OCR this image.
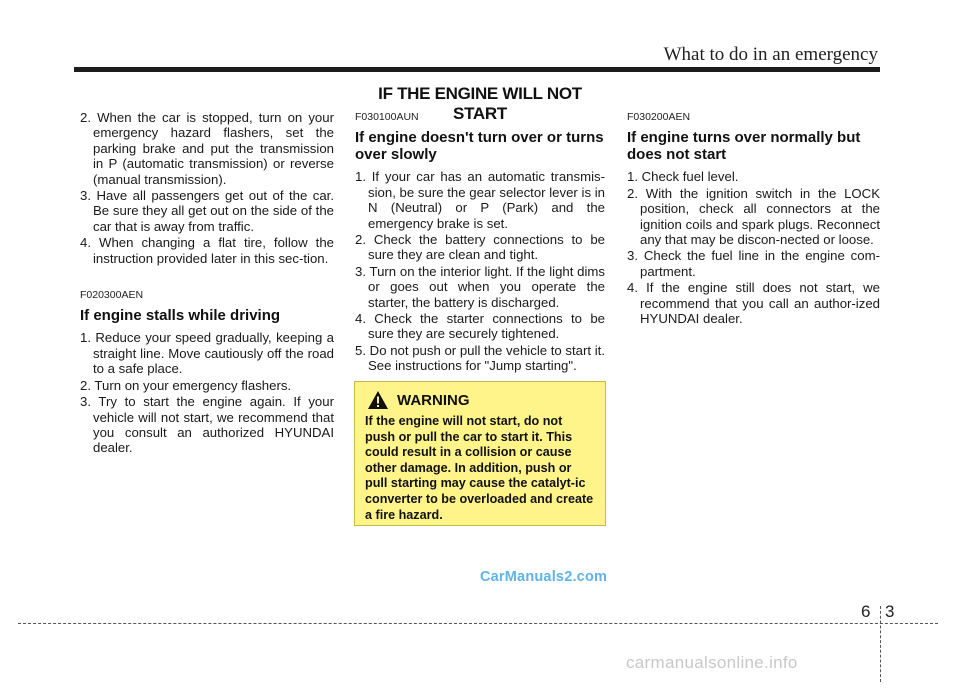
What to do in an emergency
IF THE ENGINE WILL NOT START
2. When the car is stopped, turn on your emergency hazard flashers, set the parking brake and put the transmission in P (automatic transmission) or reverse (manual transmission).
3. Have all passengers get out of the car. Be sure they all get out on the side of the car that is away from traffic.
4. When changing a flat tire, follow the instruction provided later in this sec-tion.
F020300AEN
If engine stalls while driving
1. Reduce your speed gradually, keeping a straight line. Move cautiously off the road to a safe place.
2. Turn on your emergency flashers.
3. Try to start the engine again. If your vehicle will not start, we recommend that you consult an authorized HYUNDAI dealer.
F030100AUN
If engine doesn't turn over or turns over slowly
1. If your car has an automatic transmis-sion, be sure the gear selector lever is in N (Neutral) or P (Park) and the emergency brake is set.
2. Check the battery connections to be sure they are clean and tight.
3. Turn on the interior light. If the light dims or goes out when you operate the starter, the battery is discharged.
4. Check the starter connections to be sure they are securely tightened.
5. Do not push or pull the vehicle to start it. See instructions for "Jump starting".
WARNING

If the engine will not start, do not push or pull the car to start it. This could result in a collision or cause other damage. In addition, push or pull starting may cause the catalyt-ic converter to be overloaded and create a fire hazard.

F030200AEN
If engine turns over normally but does not start
1. Check fuel level.
2. With the ignition switch in the LOCK position, check all connectors at the ignition coils and spark plugs. Reconnect any that may be discon-nected or loose.
3. Check the fuel line in the engine com-partment.
4. If the engine still does not start, we recommend that you call an author-ized HYUNDAI dealer.
CarManuals2.com
6 3
carmanualsonline.info
